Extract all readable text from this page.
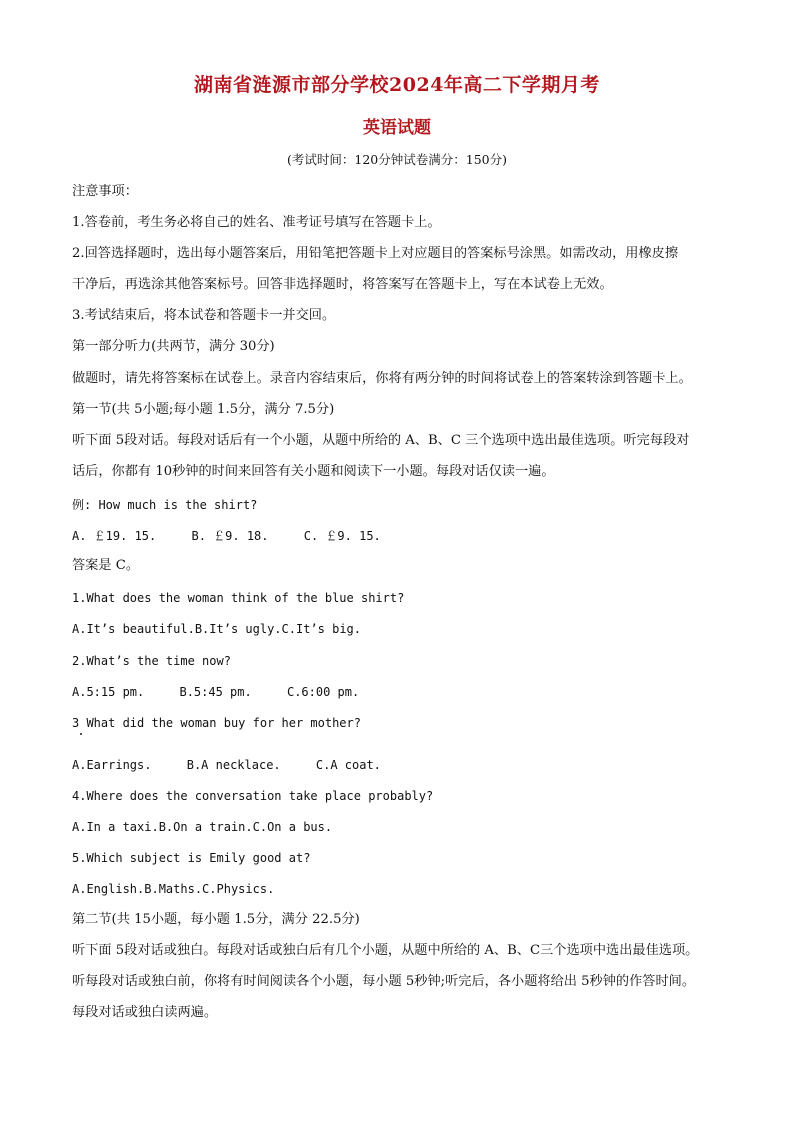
湖南省涟源市部分学校2024年高二下学期月考
英语试题
(考试时间：120分钟试卷满分：150分)
注意事项：
1.答卷前，考生务必将自己的姓名、准考证号填写在答题卡上。
2.回答选择题时，选出每小题答案后，用铅笔把答题卡上对应题目的答案标号涂黑。如需改动，用橡皮擦
干净后，再选涂其他答案标号。回答非选择题时，将答案写在答题卡上，写在本试卷上无效。
3.考试结束后，将本试卷和答题卡一并交回。
第一部分听力(共两节，满分 30分)
做题时，请先将答案标在试卷上。录音内容结束后，你将有两分钟的时间将试卷上的答案转涂到答题卡上。
第一节(共 5小题;每小题 1.5分，满分 7.5分)
听下面 5段对话。每段对话后有一个小题，从题中所给的 A、B、C 三个选项中选出最佳选项。听完每段对
话后，你都有 10秒钟的时间来回答有关小题和阅读下一小题。每段对话仅读一遍。
例: How much is the shirt?
A. ￡19. 15.	B. ￡9. 18.	C. ￡9. 15.
答案是 C。
1.What does the woman think of the blue shirt?
A.It’s beautiful.B.It’s ugly.C.It’s big.
2.What’s the time now?
A.5:15 pm.	B.5:45 pm.	C.6:00 pm.
3 What did the woman buy for her mother?
A.Earrings.	B.A necklace.	C.A coat.
4.Where does the conversation take place probably?
A.In a taxi.B.On a train.C.On a bus.
5.Which subject is Emily good at?
A.English.B.Maths.C.Physics.
第二节(共 15小题，每小题 1.5分，满分 22.5分)
听下面 5段对话或独白。每段对话或独白后有几个小题，从题中所给的 A、B、C三个选项中选出最佳选项。
听每段对话或独白前，你将有时间阅读各个小题，每小题 5秒钟;听完后，各小题将给出 5秒钟的作答时间。
每段对话或独白读两遍。
